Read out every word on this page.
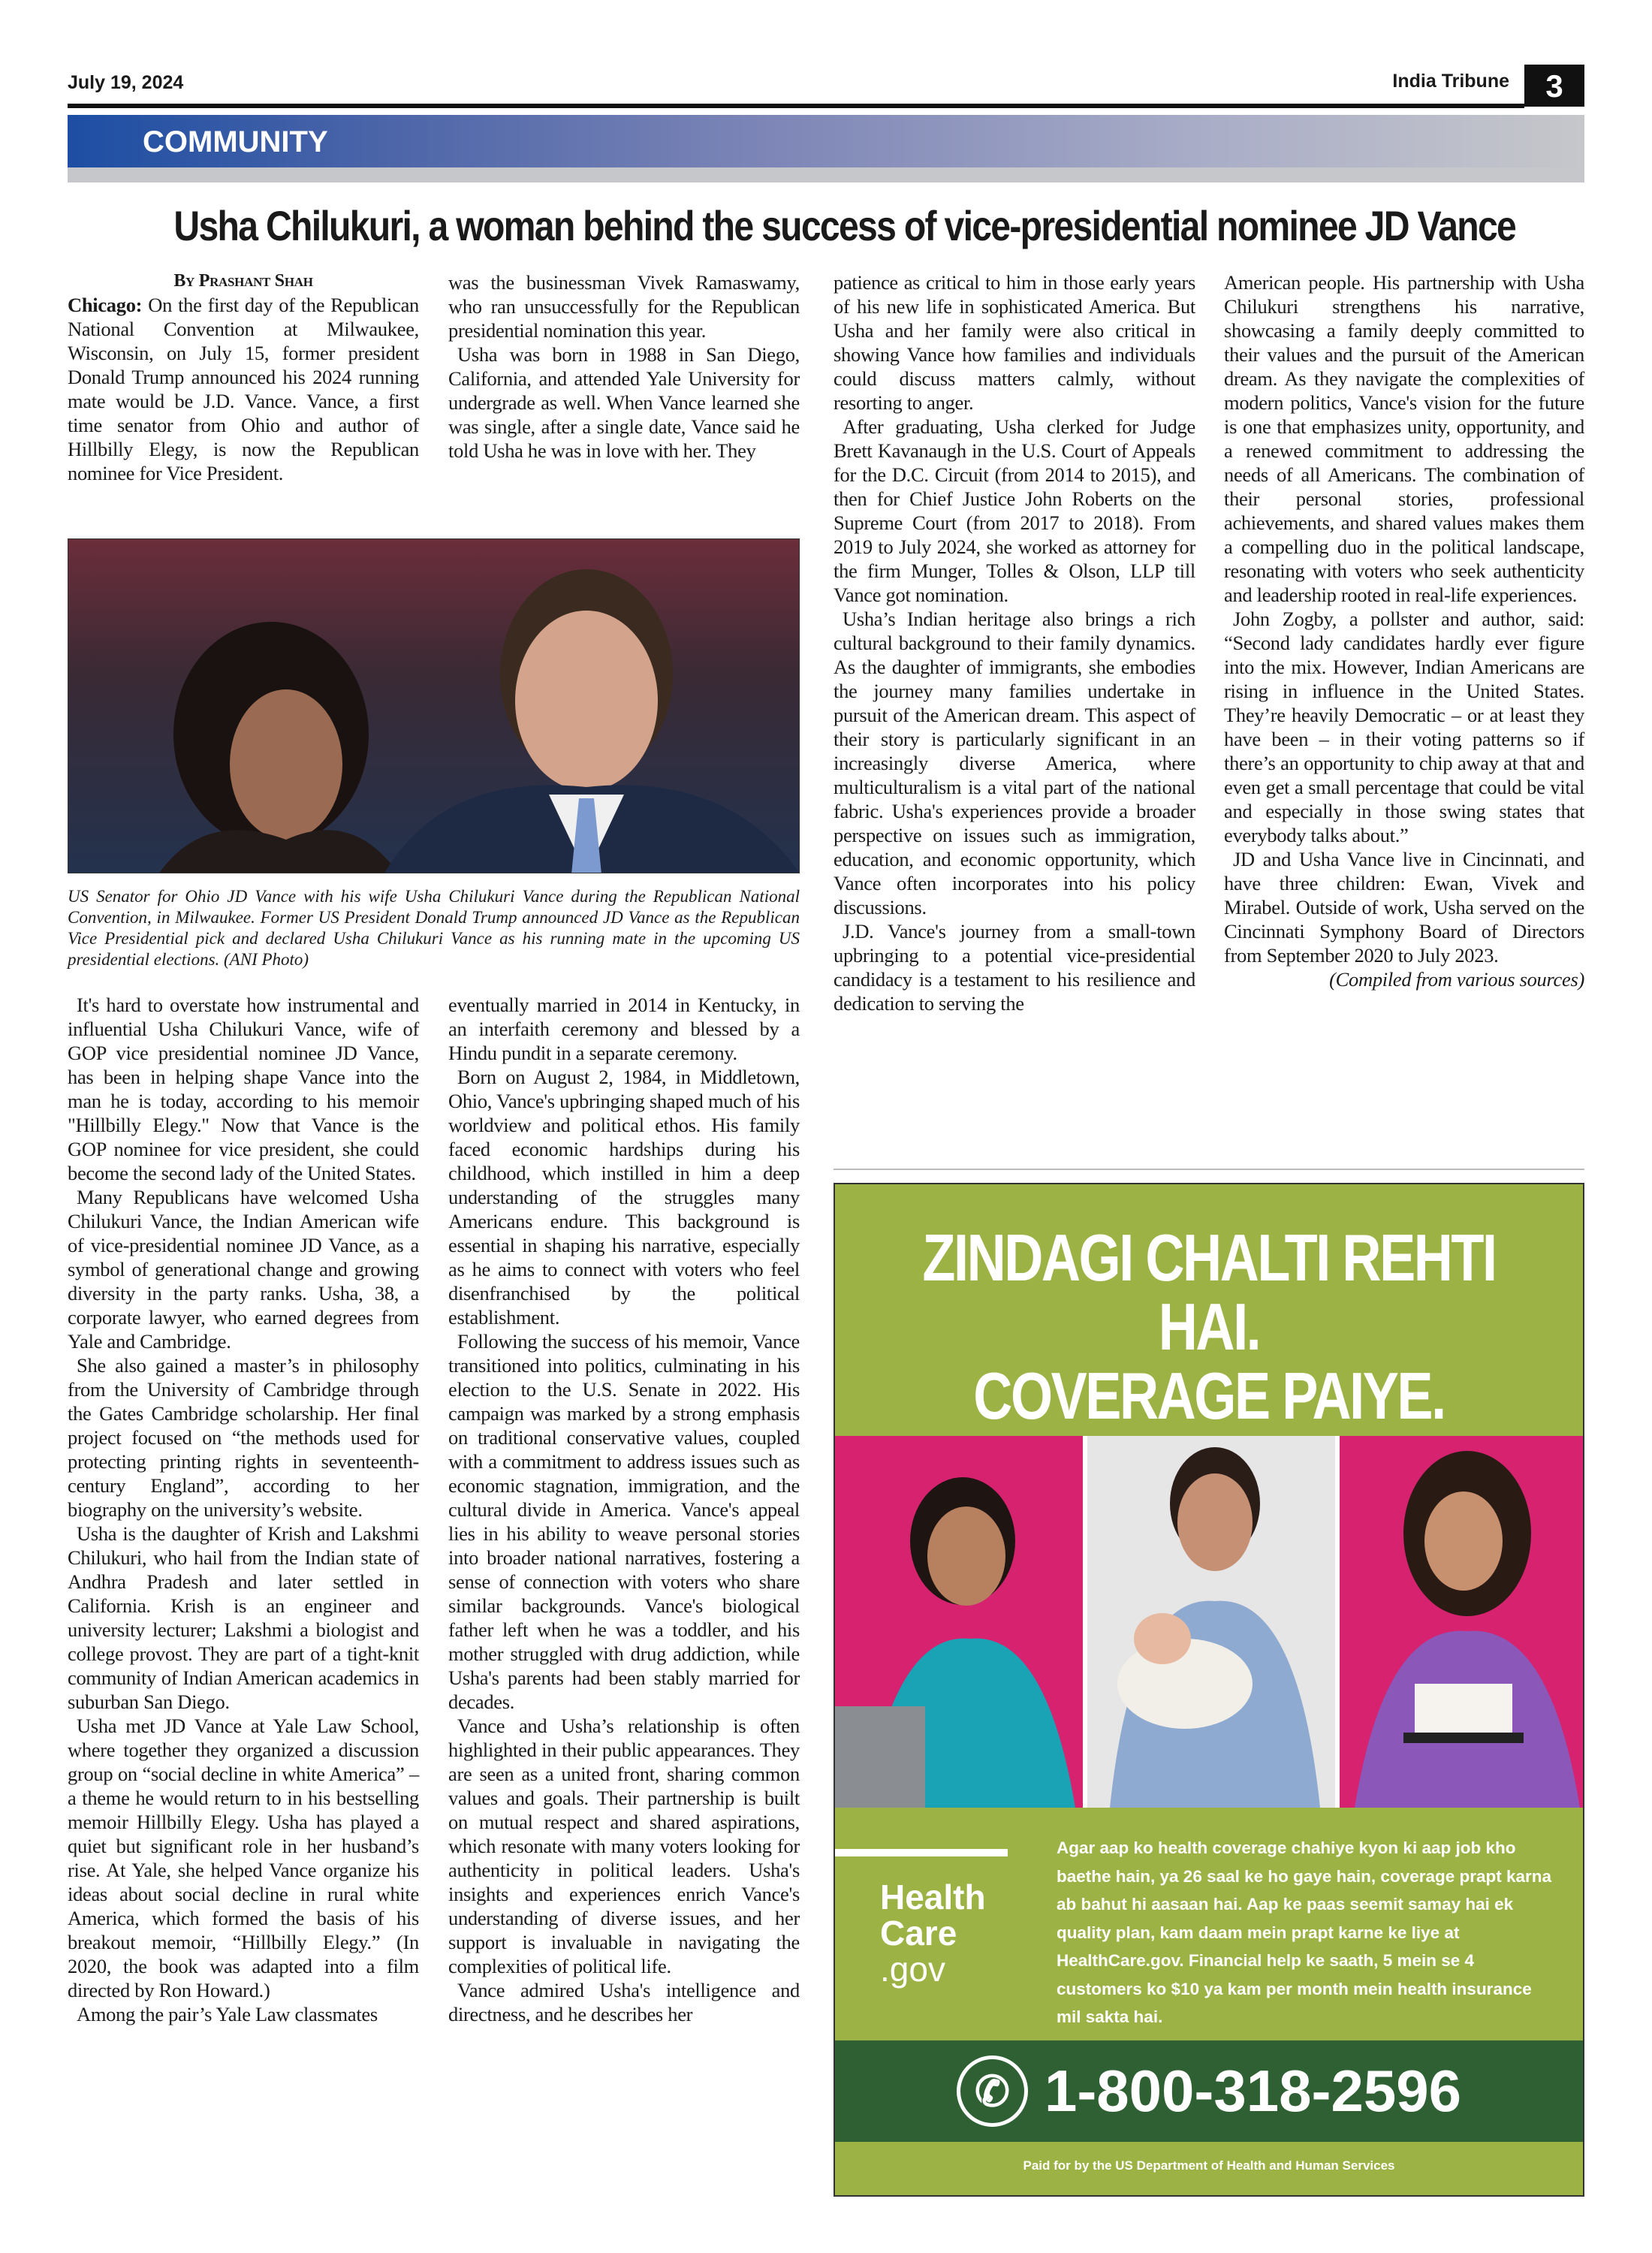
July 19, 2024	India Tribune	3
COMMUNITY
Usha Chilukuri, a woman behind the success of vice-presidential nominee JD Vance

By Prashant Shah

Chicago: On the first day of the Republican National Convention at Milwaukee, Wisconsin, on July 15, former president Donald Trump announced his 2024 running mate would be J.D. Vance. Vance, a first time senator from Ohio and author of Hillbilly Elegy, is now the Republican nominee for Vice President.

was the businessman Vivek Ramaswamy, who ran unsuccessfully for the Republican presidential nomination this year.

Usha was born in 1988 in San Diego, California, and attended Yale University for undergrade as well. When Vance learned she was single, after a single date, Vance said he told Usha he was in love with her. They

US Senator for Ohio JD Vance with his wife Usha Chilukuri Vance during the Republican National Convention, in Milwaukee. Former US President Donald Trump announced JD Vance as the Republican Vice Presidential pick and declared Usha Chilukuri Vance as his running mate in the upcoming US presidential elections. (ANI Photo)

It's hard to overstate how instrumental and influential Usha Chilukuri Vance, wife of GOP vice presidential nominee JD Vance, has been in helping shape Vance into the man he is today, according to his memoir "Hillbilly Elegy." Now that Vance is the GOP nominee for vice president, she could become the second lady of the United States.

Many Republicans have welcomed Usha Chilukuri Vance, the Indian American wife of vice-presidential nominee JD Vance, as a symbol of generational change and growing diversity in the party ranks. Usha, 38, a corporate lawyer, who earned degrees from Yale and Cambridge.

She also gained a master’s in philosophy from the University of Cambridge through the Gates Cambridge scholarship. Her final project focused on “the methods used for protecting printing rights in seventeenth-century England”, according to her biography on the university’s website.

Usha is the daughter of Krish and Lakshmi Chilukuri, who hail from the Indian state of Andhra Pradesh and later settled in California. Krish is an engineer and university lecturer; Lakshmi a biologist and college provost. They are part of a tight-knit community of Indian American academics in suburban San Diego.

Usha met JD Vance at Yale Law School, where together they organized a discussion group on “social decline in white America” – a theme he would return to in his bestselling memoir Hillbilly Elegy. Usha has played a quiet but significant role in her husband’s rise. At Yale, she helped Vance organize his ideas about social decline in rural white America, which formed the basis of his breakout memoir, “Hillbilly Elegy.” (In 2020, the book was adapted into a film directed by Ron Howard.)

Among the pair’s Yale Law classmates

eventually married in 2014 in Kentucky, in an interfaith ceremony and blessed by a Hindu pundit in a separate ceremony.

Born on August 2, 1984, in Middletown, Ohio, Vance's upbringing shaped much of his worldview and political ethos. His family faced economic hardships during his childhood, which instilled in him a deep understanding of the struggles many Americans endure. This background is essential in shaping his narrative, especially as he aims to connect with voters who feel disenfranchised by the political establishment.

Following the success of his memoir, Vance transitioned into politics, culminating in his election to the U.S. Senate in 2022. His campaign was marked by a strong emphasis on traditional conservative values, coupled with a commitment to address issues such as economic stagnation, immigration, and the cultural divide in America. Vance's appeal lies in his ability to weave personal stories into broader national narratives, fostering a sense of connection with voters who share similar backgrounds. Vance's biological father left when he was a toddler, and his mother struggled with drug addiction, while Usha's parents had been stably married for decades.

Vance and Usha’s relationship is often highlighted in their public appearances. They are seen as a united front, sharing common values and goals. Their partnership is built on mutual respect and shared aspirations, which resonate with many voters looking for authenticity in political leaders. Usha's insights and experiences enrich Vance's understanding of diverse issues, and her support is invaluable in navigating the complexities of political life.

Vance admired Usha's intelligence and directness, and he describes her

patience as critical to him in those early years of his new life in sophisticated America. But Usha and her family were also critical in showing Vance how families and individuals could discuss matters calmly, without resorting to anger.

After graduating, Usha clerked for Judge Brett Kavanaugh in the U.S. Court of Appeals for the D.C. Circuit (from 2014 to 2015), and then for Chief Justice John Roberts on the Supreme Court (from 2017 to 2018). From 2019 to July 2024, she worked as attorney for the firm Munger, Tolles & Olson, LLP till Vance got nomination.

Usha’s Indian heritage also brings a rich cultural background to their family dynamics. As the daughter of immigrants, she embodies the journey many families undertake in pursuit of the American dream. This aspect of their story is particularly significant in an increasingly diverse America, where multiculturalism is a vital part of the national fabric. Usha's experiences provide a broader perspective on issues such as immigration, education, and economic opportunity, which Vance often incorporates into his policy discussions.

J.D. Vance's journey from a small-town upbringing to a potential vice-presidential candidacy is a testament to his resilience and dedication to serving the

American people. His partnership with Usha Chilukuri strengthens his narrative, showcasing a family deeply committed to their values and the pursuit of the American dream. As they navigate the complexities of modern politics, Vance's vision for the future is one that emphasizes unity, opportunity, and a renewed commitment to addressing the needs of all Americans. The combination of their personal stories, professional achievements, and shared values makes them a compelling duo in the political landscape, resonating with voters who seek authenticity and leadership rooted in real-life experiences.

John Zogby, a pollster and author, said: “Second lady candidates hardly ever figure into the mix. However, Indian Americans are rising in influence in the United States. They’re heavily Democratic – or at least they have been – in their voting patterns so if there’s an opportunity to chip away at that and even get a small percentage that could be vital and especially in those swing states that everybody talks about.”

JD and Usha Vance live in Cincinnati, and have three children: Ewan, Vivek and Mirabel. Outside of work, Usha served on the Cincinnati Symphony Board of Directors from September 2020 to July 2023.

(Compiled from various sources)

ZINDAGI CHALTI REHTI HAI.
COVERAGE PAIYE.
Health
Care
.gov

Agar aap ko health coverage chahiye kyon ki aap job kho baethe hain, ya 26 saal ke ho gaye hain, coverage prapt karna ab bahut hi aasaan hai. Aap ke paas seemit samay hai ek quality plan, kam daam mein prapt karne ke liye at HealthCare.gov. Financial help ke saath, 5 mein se 4 customers ko $10 ya kam per month mein health insurance mil sakta hai.

✆ 1-800-318-2596
Paid for by the US Department of Health and Human Services
